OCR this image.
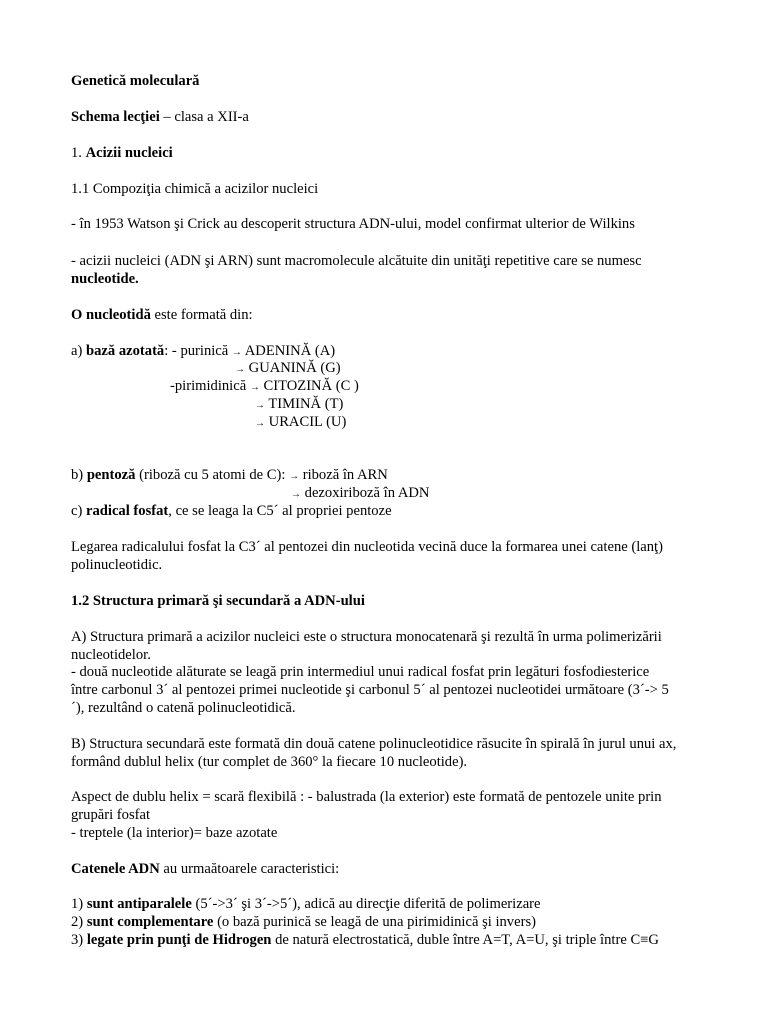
Genetică moleculară
Schema lecţiei – clasa a XII-a
1. Acizii nucleici
1.1 Compoziţia chimică a acizilor nucleici
- în 1953 Watson şi Crick au descoperit structura ADN-ului, model confirmat ulterior de Wilkins
- acizii nucleici (ADN şi ARN) sunt macromolecule alcătuite din unităţi repetitive care se numesc
nucleotide.
O nucleotidă este formată din:
a) bază azotată: - purinică → ADENINĂ (A)
→ GUANINĂ (G)
-pirimidinică → CITOZINĂ (C )
→ TIMINĂ (T)
→ URACIL (U)
b) pentoză (riboză cu 5 atomi de C): → riboză în ARN
→ dezoxiriboză în ADN
c) radical fosfat, ce se leaga la C5´ al propriei pentoze
Legarea radicalului fosfat la C3´ al pentozei din nucleotida vecină duce la formarea unei catene (lanţ)
polinucleotidic.
1.2 Structura primară şi secundară a ADN-ului
A) Structura primară a acizilor nucleici este o structura monocatenară şi rezultă în urma polimerizării
nucleotidelor.
- două nucleotide alăturate se leagă prin intermediul unui radical fosfat prin legături fosfodiesterice
între carbonul 3´ al pentozei primei nucleotide şi carbonul 5´ al pentozei nucleotidei următoare (3´-> 5
´), rezultând o catenă polinucleotidică.
B) Structura secundară este formată din două catene polinucleotidice răsucite în spirală în jurul unui ax,
formând dublul helix (tur complet de 360° la fiecare 10 nucleotide).
Aspect de dublu helix = scară flexibilă : - balustrada (la exterior) este formată de pentozele unite prin
grupări fosfat
- treptele (la interior)= baze azotate
Catenele ADN au urmaătoarele caracteristici:
1) sunt antiparalele (5´->3´ şi 3´->5´), adică au direcţie diferită de polimerizare
2) sunt complementare (o bază purinică se leagă de una pirimidinică şi invers)
3) legate prin punţi de Hidrogen de natură electrostatică, duble între A=T, A=U, şi triple între C≡G
